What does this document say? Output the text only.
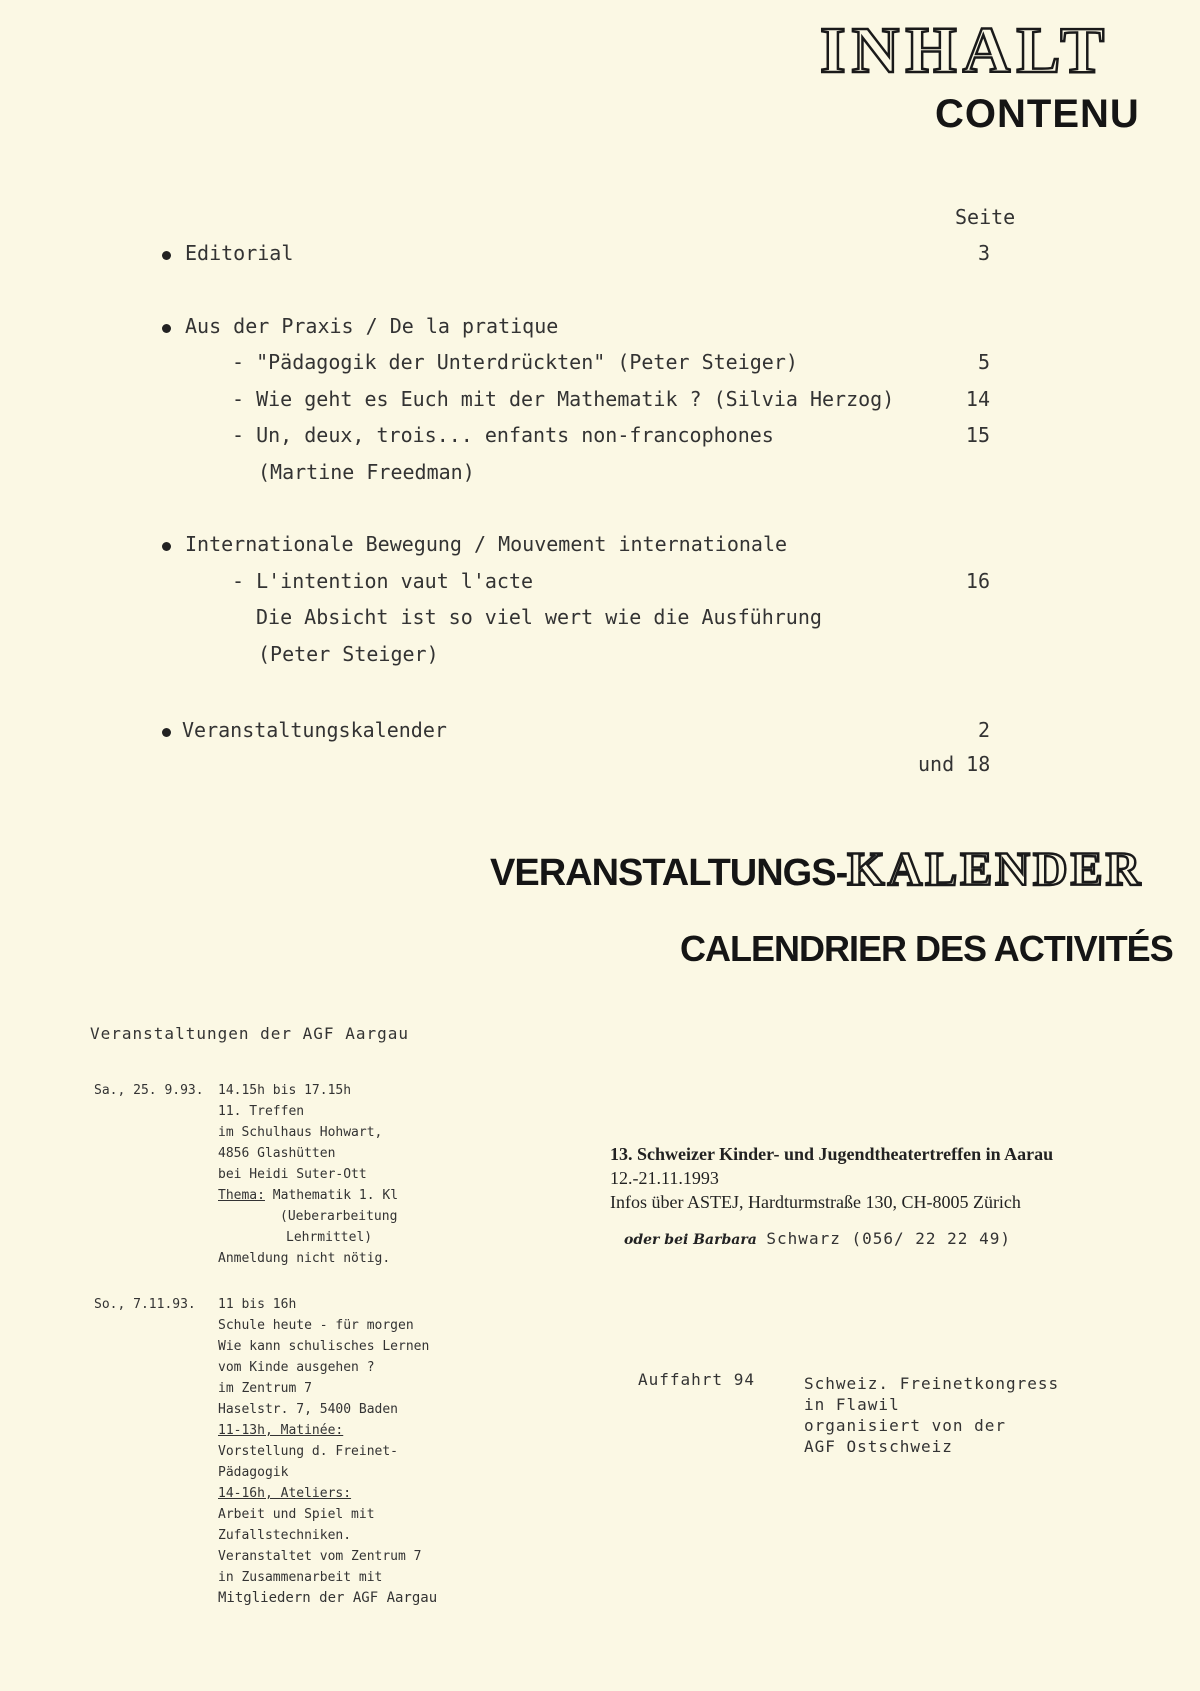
INHALT
CONTENU
Seite
Editorial	3
Aus der Praxis / De la pratique
- "Pädagogik der Unterdrückten" (Peter Steiger)	5
- Wie geht es Euch mit der Mathematik ? (Silvia Herzog)	14
- Un, deux, trois... enfants non-francophones	15
(Martine Freedman)
Internationale Bewegung / Mouvement internationale
- L'intention vaut l'acte	16
Die Absicht ist so viel wert wie die Ausführung
(Peter Steiger)
Veranstaltungskalender	2
und 18
VERANSTALTUNGS-KALENDER
CALENDRIER DES ACTIVITÉS
Veranstaltungen der AGF Aargau
Sa., 25. 9.93. 14.15h bis 17.15h
11. Treffen
im Schulhaus Hohwart,
4856 Glashütten
bei Heidi Suter-Ott
Thema: Mathematik 1. Kl
(Ueberarbeitung
Lehrmittel)
Anmeldung nicht nötig.
So., 7.11.93. 11 bis 16h
Schule heute - für morgen
Wie kann schulisches Lernen
vom Kinde ausgehen ?
im Zentrum 7
Haselstr. 7, 5400 Baden
11-13h, Matinée:
Vorstellung d. Freinet-
Pädagogik
14-16h, Ateliers:
Arbeit und Spiel mit
Zufallstechniken.
Veranstaltet vom Zentrum 7
in Zusammenarbeit mit
Mitgliedern der AGF Aargau
13. Schweizer Kinder- und Jugendtheatertreffen in Aarau
12.-21.11.1993
Infos über ASTEJ, Hardturmstraße 130, CH-8005 Zürich
oder bei Barbara Schwarz (056/ 22 22 49)
Auffahrt 94	Schweiz. Freinetkongress
in Flawil
organisiert von der
AGF Ostschweiz
